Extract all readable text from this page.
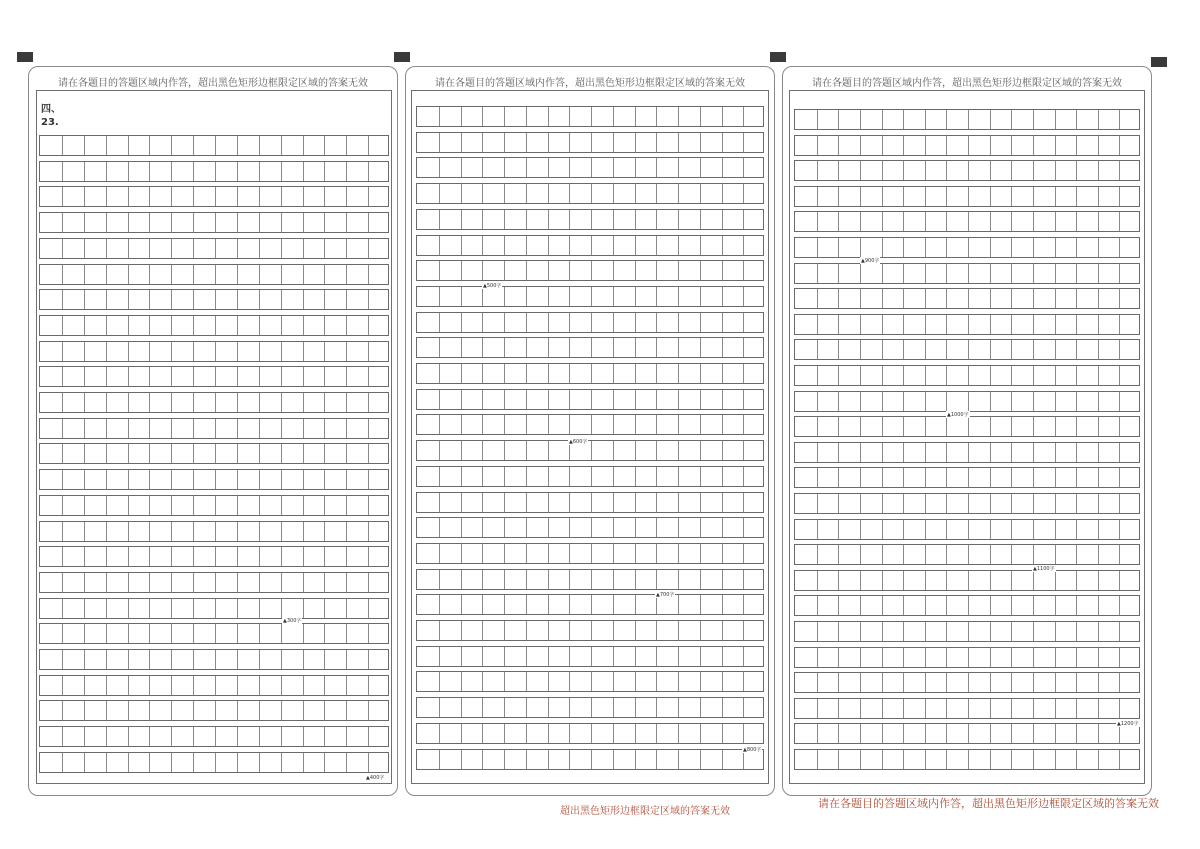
请在各题目的答题区域内作答，超出黑色矩形边框限定区域的答案无效
四、
23.
▲300字
▲400字
请在各题目的答题区域内作答，超出黑色矩形边框限定区域的答案无效
▲500字
▲600字
▲700字
▲800字
超出黑色矩形边框限定区域的答案无效
请在各题目的答题区域内作答，超出黑色矩形边框限定区域的答案无效
▲900字
▲1000字
▲1100字
▲1200字
请在各题目的答题区域内作答，超出黑色矩形边框限定区域的答案无效
